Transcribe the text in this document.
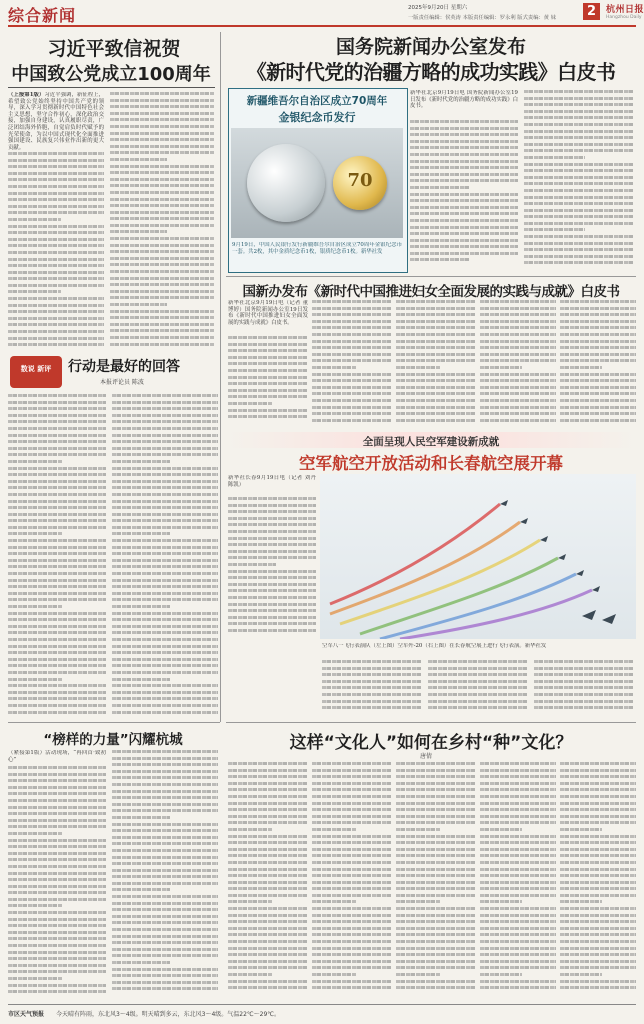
综合新闻	2025年9月20日 星期六
一版责任编辑：侯英涛 本版责任编辑：罗永利 版式责编：黄 妹	2	杭州日报
Hangzhou Daily
习近平致信祝贺
中国致公党成立100周年
（上接第1版）习近平强调，新征程上，希望致公党始终坚持中国共产党的领导，深入学习贯彻新时代中国特色社会主义思想，坚守合作初心，深化政治交接，加强自身建设，认真履职尽责，广泛团结海外侨胞，自觉肩负时代赋予的光荣使命，为以中国式现代化全面推进强国建设、民族复兴伟业作出新的更大贡献。
数说 新评	行动是最好的回答
本报评论员 陈波
国务院新闻办公室发布
《新时代党的治疆方略的成功实践》白皮书
新疆维吾尔自治区成立70周年
金银纪念币发行
70
9月19日，中国人民银行发行新疆维吾尔自治区成立70周年金银纪念币一套。共2枚，其中金质纪念币1枚，银质纪念币1枚。新华社发
新华社北京9月19日电 国务院新闻办公室19日发布《新时代党的治疆方略的成功实践》白皮书。
国新办发布《新时代中国推进妇女全面发展的实践与成就》白皮书
新华社北京9月19日电（记者 董博婷）国务院新闻办公室19日发布《新时代中国推进妇女全面发展的实践与成就》白皮书。
全面呈现人民空军建设新成就
空军航空开放活动和长春航空展开幕
新华社长春9月19日电（记者 刘丹 陈凯）
空军八一飞行表演队（左上图）空军歼-20（右上图）在长春航空展上进行飞行表演。新华社发
这样“文化人”如何在乡村“种”文化？
唐倩
“榜样的力量”闪耀杭城
（紧接第1版）活动现场，“再回首·致初心”
市区天气预报 今天晴有阵雨，东北风3～4级。明天晴到多云，东北风3～4级。气温22℃～29℃。
